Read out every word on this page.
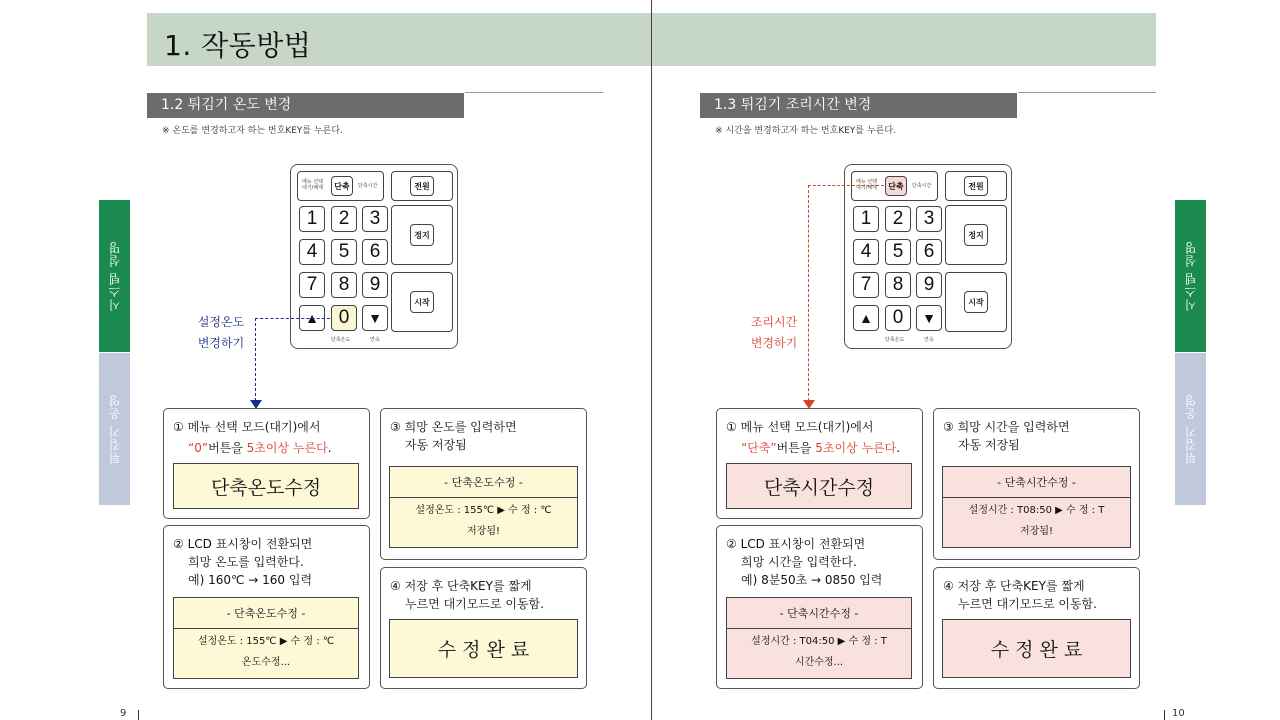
1. 작동방법
1.2 튀김기 온도 변경
※ 온도를 변경하고자 하는 번호KEY를 누른다.
시스템 설명
튀김기 운영
메뉴 선택
대기/해제	단축	단축시간	전원
1	2	3
4	5	6
7	8	9
▲	0	▼
단축온도	연속
정지
시작
설정온도
변경하기
① 메뉴 선택 모드(대기)에서
“0”버튼을 5초이상 누른다.
단축온도수정
② LCD 표시창이 전환되면
희망 온도를 입력한다.
예) 160℃ → 160 입력
- 단축온도수정 -
설정온도 : 155℃ ▶ 수 정 : ℃
온도수정...
③ 희망 온도를 입력하면
자동 저장됨
- 단축온도수정 -
설정온도 : 155℃ ▶ 수 정 : ℃
저장됨!
④ 저장 후 단축KEY를 짧게
누르면 대기모드로 이동함.
수 정 완 료
9
1.3 튀김기 조리시간 변경
※ 시간을 변경하고자 하는 번호KEY를 누른다.
시스템 설명
튀김기 운영
메뉴 선택
대기/해제	단축	단축시간	전원
1	2	3
4	5	6
7	8	9
▲	0	▼
단축온도	연속
정지
시작
조리시간
변경하기
① 메뉴 선택 모드(대기)에서
“단축”버튼을 5초이상 누른다.
단축시간수정
② LCD 표시창이 전환되면
희망 시간을 입력한다.
예) 8분50초 → 0850 입력
- 단축시간수정 -
설정시간 : T04:50 ▶ 수 정 : T
시간수정...
③ 희망 시간을 입력하면
자동 저장됨
- 단축시간수정 -
설정시간 : T08:50 ▶ 수 정 : T
저장됨!
④ 저장 후 단축KEY를 짧게
누르면 대기모드로 이동함.
수 정 완 료
10
